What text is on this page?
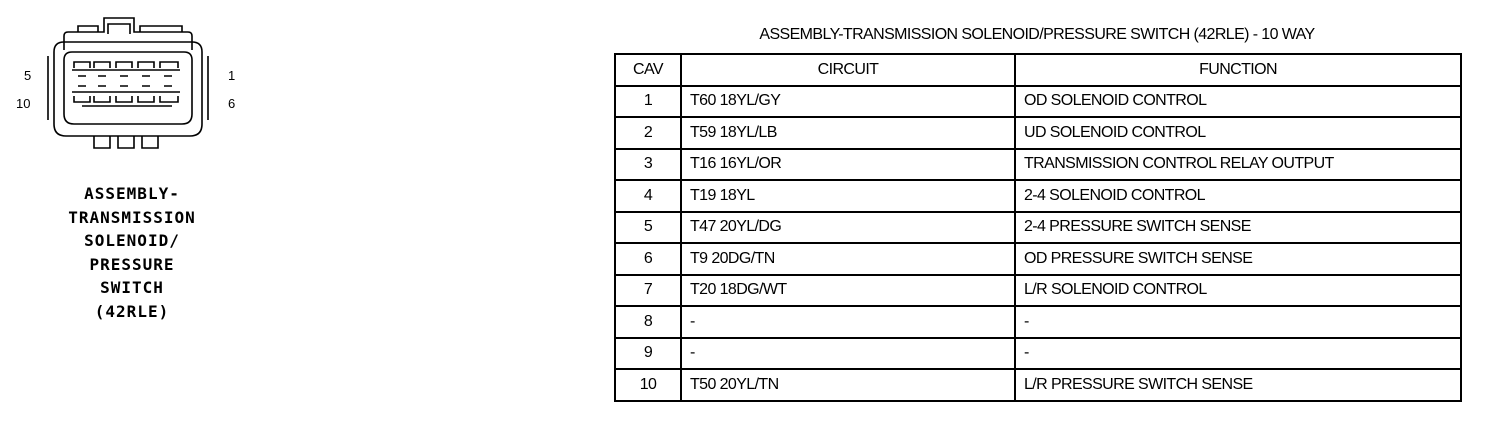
5
10
1
6
ASSEMBLY-
TRANSMISSION
SOLENOID/
PRESSURE
SWITCH
(42RLE)
ASSEMBLY-TRANSMISSION SOLENOID/PRESSURE SWITCH (42RLE) - 10 WAY
CAV	CIRCUIT	FUNCTION
1	T60 18YL/GY	OD SOLENOID CONTROL
2	T59 18YL/LB	UD SOLENOID CONTROL
3	T16 16YL/OR	TRANSMISSION CONTROL RELAY OUTPUT
4	T19 18YL	2-4 SOLENOID CONTROL
5	T47 20YL/DG	2-4 PRESSURE SWITCH SENSE
6	T9 20DG/TN	OD PRESSURE SWITCH SENSE
7	T20 18DG/WT	L/R SOLENOID CONTROL
8	-	-
9	-	-
10	T50 20YL/TN	L/R PRESSURE SWITCH SENSE
